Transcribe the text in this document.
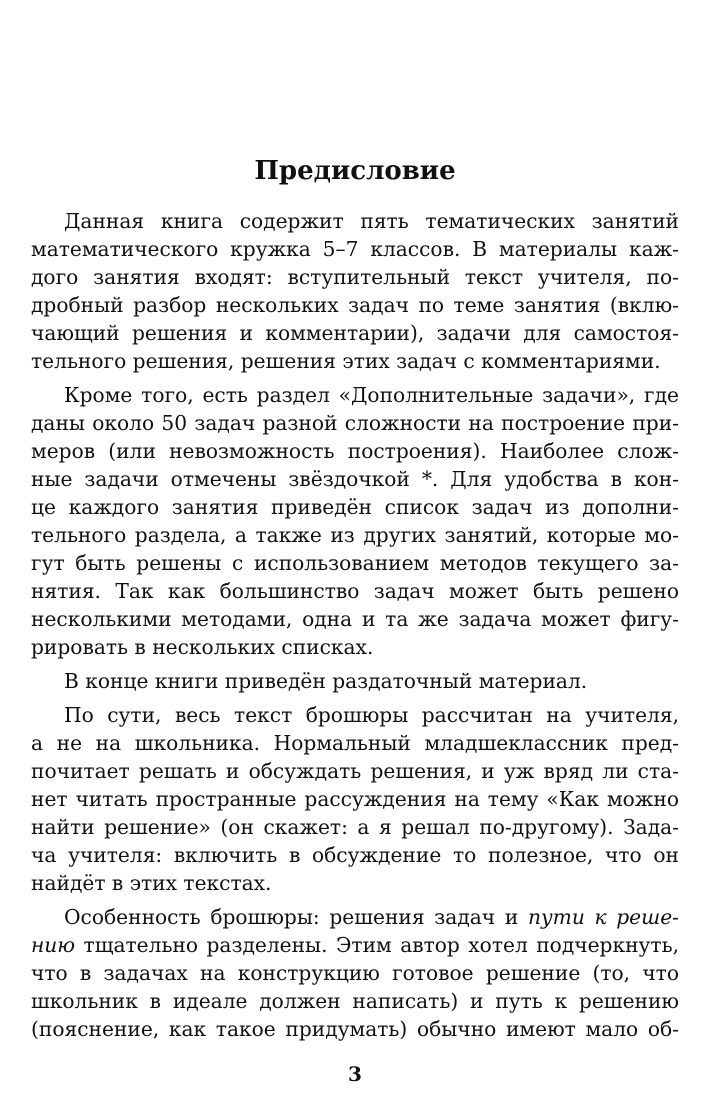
Предисловие
Данная книга содержит пять тематических занятий
математического кружка 5–7 классов. В материалы каж-
дого занятия входят: вступительный текст учителя, по-
дробный разбор нескольких задач по теме занятия (вклю-
чающий решения и комментарии), задачи для самостоя-
тельного решения, решения этих задач с комментариями.
Кроме того, есть раздел «Дополнительные задачи», где
даны около 50 задач разной сложности на построение при-
меров (или невозможность построения). Наиболее слож-
ные задачи отмечены звёздочкой *. Для удобства в кон-
це каждого занятия приведён список задач из дополни-
тельного раздела, а также из других занятий, которые мо-
гут быть решены с использованием методов текущего за-
нятия. Так как большинство задач может быть решено
несколькими методами, одна и та же задача может фигу-
рировать в нескольких списках.
В конце книги приведён раздаточный материал.
По сути, весь текст брошюры рассчитан на учителя,
а не на школьника. Нормальный младшеклассник пред-
почитает решать и обсуждать решения, и уж вряд ли ста-
нет читать пространные рассуждения на тему «Как можно
найти решение» (он скажет: а я решал по-другому). Зада-
ча учителя: включить в обсуждение то полезное, что он
найдёт в этих текстах.
Особенность брошюры: решения задач и пути к реше-
нию тщательно разделены. Этим автор хотел подчеркнуть,
что в задачах на конструкцию готовое решение (то, что
школьник в идеале должен написать) и путь к решению
(пояснение, как такое придумать) обычно имеют мало об-
3
